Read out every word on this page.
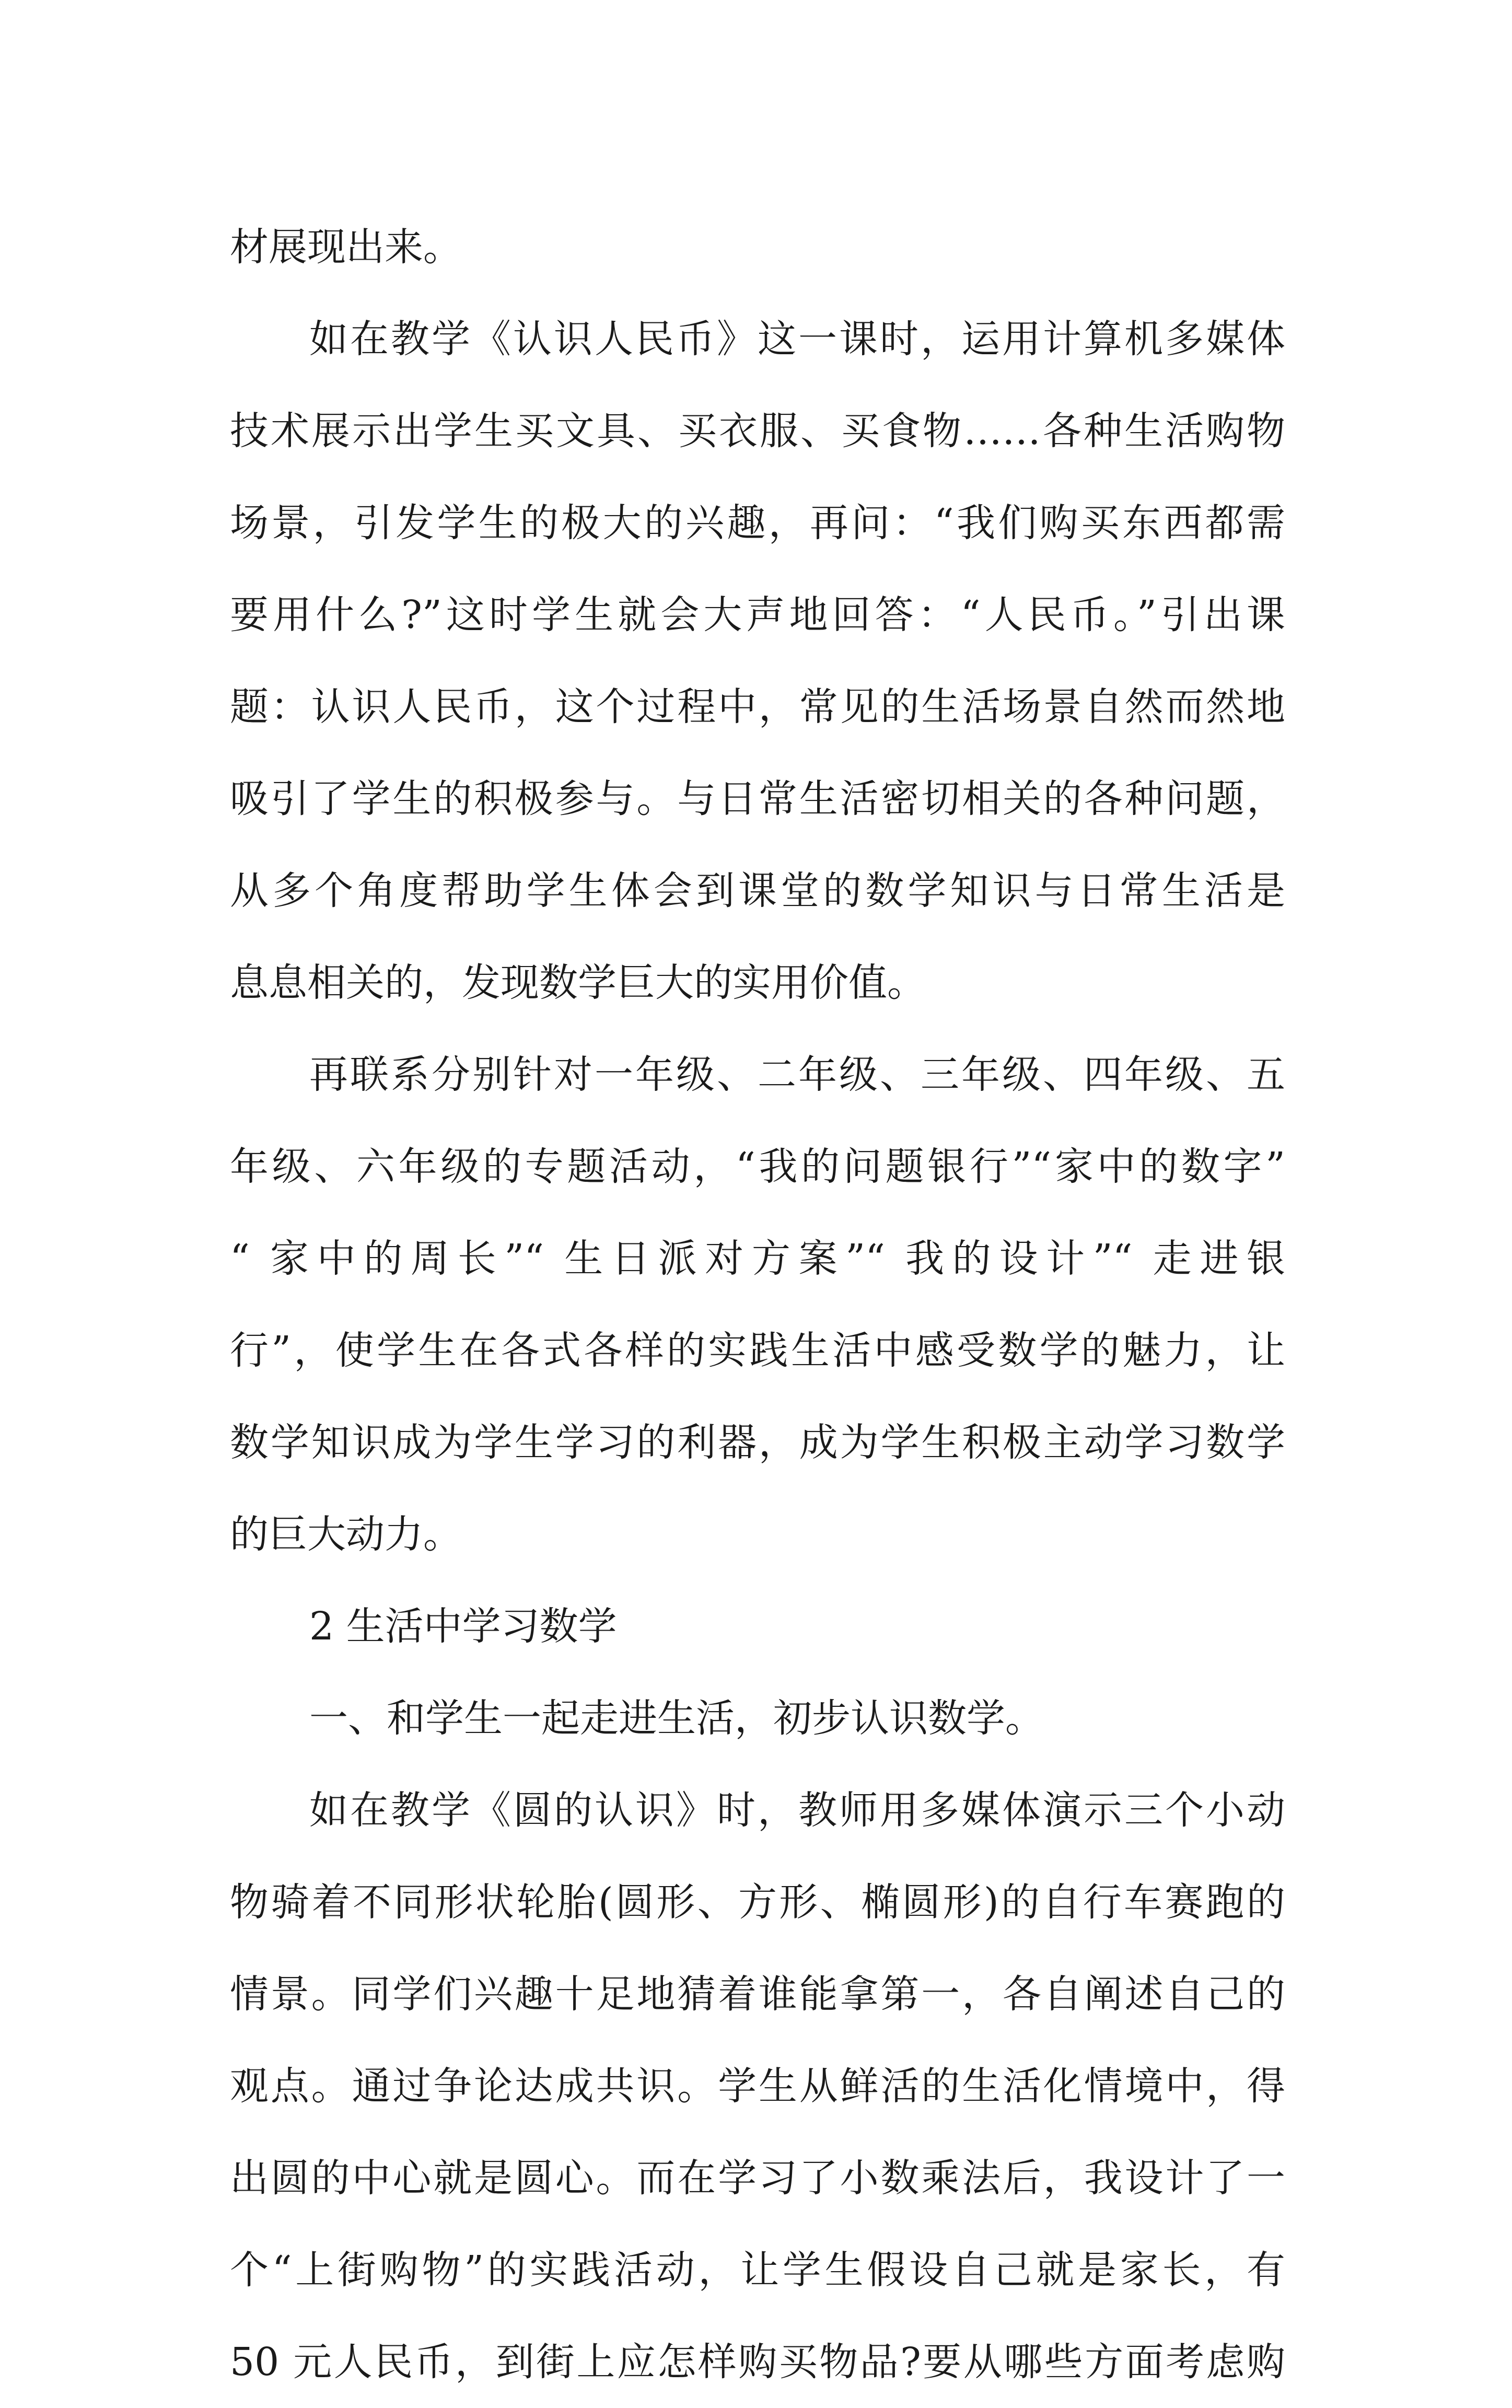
材展现出来。
如在教学《认识人民币》这一课时，运用计算机多媒体
技术展示出学生买文具、买衣服、买食物……各种生活购物
场景，引发学生的极大的兴趣，再问：“我们购买东西都需
要用什么?”这时学生就会大声地回答：“人民币。”引出课
题：认识人民币，这个过程中，常见的生活场景自然而然地
吸引了学生的积极参与。与日常生活密切相关的各种问题，
从多个角度帮助学生体会到课堂的数学知识与日常生活是
息息相关的，发现数学巨大的实用价值。
再联系分别针对一年级、二年级、三年级、四年级、五
年级、六年级的专题活动，“我的问题银行”“家中的数字”
“ 家中的周长”“ 生日派对方案”“ 我的设计”“ 走进银
行”，使学生在各式各样的实践生活中感受数学的魅力，让
数学知识成为学生学习的利器，成为学生积极主动学习数学
的巨大动力。
2 生活中学习数学
一、和学生一起走进生活，初步认识数学。
如在教学《圆的认识》时，教师用多媒体演示三个小动
物骑着不同形状轮胎(圆形、方形、椭圆形)的自行车赛跑的
情景。同学们兴趣十足地猜着谁能拿第一，各自阐述自己的
观点。通过争论达成共识。学生从鲜活的生活化情境中，得
出圆的中心就是圆心。而在学习了小数乘法后，我设计了一
个“上街购物”的实践活动，让学生假设自己就是家长，有
50 元人民币，到街上应怎样购买物品?要从哪些方面考虑购
